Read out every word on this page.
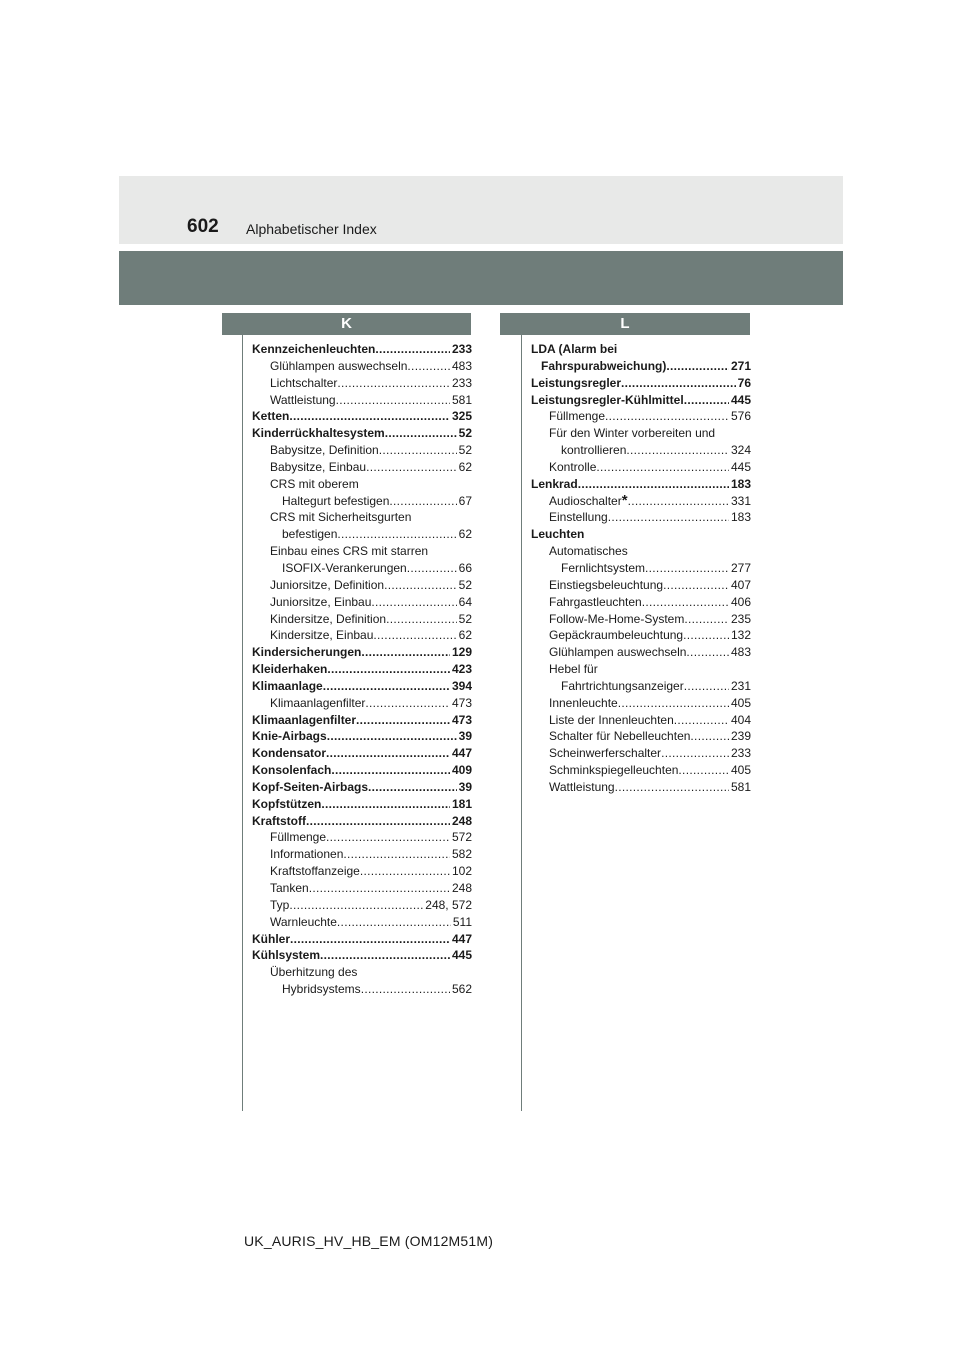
602 Alphabetischer Index
K	L
Kennzeichenleuchten .....	233
Glühlampen auswechseln .....	483
Lichtschalter .....	233
Wattleistung .....	581
Ketten .....	325
Kinderrückhaltesystem .....	52
Babysitze, Definition .....	52
Babysitze, Einbau .....	62
CRS mit oberem
Haltegurt befestigen .....	67
CRS mit Sicherheitsgurten
befestigen .....	62
Einbau eines CRS mit starren
ISOFIX-Verankerungen .....	66
Juniorsitze, Definition .....	52
Juniorsitze, Einbau .....	64
Kindersitze, Definition .....	52
Kindersitze, Einbau .....	62
Kindersicherungen .....	129
Kleiderhaken .....	423
Klimaanlage .....	394
Klimaanlagenfilter .....	473
Klimaanlagenfilter .....	473
Knie-Airbags .....	39
Kondensator .....	447
Konsolenfach .....	409
Kopf-Seiten-Airbags .....	39
Kopfstützen .....	181
Kraftstoff .....	248
Füllmenge .....	572
Informationen .....	582
Kraftstoffanzeige .....	102
Tanken .....	248
Typ .....	248, 572
Warnleuchte .....	511
Kühler .....	447
Kühlsystem .....	445
Überhitzung des
Hybridsystems .....	562
LDA (Alarm bei
Fahrspurabweichung) .....	271
Leistungsregler .....	76
Leistungsregler-Kühlmittel .....	445
Füllmenge .....	576
Für den Winter vorbereiten und
kontrollieren .....	324
Kontrolle .....	445
Lenkrad .....	183
Audioschalter * .....	331
Einstellung .....	183
Leuchten
Automatisches
Fernlichtsystem .....	277
Einstiegsbeleuchtung .....	407
Fahrgastleuchten .....	406
Follow-Me-Home-System .....	235
Gepäckraumbeleuchtung .....	132
Glühlampen auswechseln .....	483
Hebel für
Fahrtrichtungsanzeiger .....	231
Innenleuchte .....	405
Liste der Innenleuchten .....	404
Schalter für Nebelleuchten .....	239
Scheinwerferschalter .....	233
Schminkspiegelleuchten .....	405
Wattleistung .....	581
UK_AURIS_HV_HB_EM (OM12M51M)
